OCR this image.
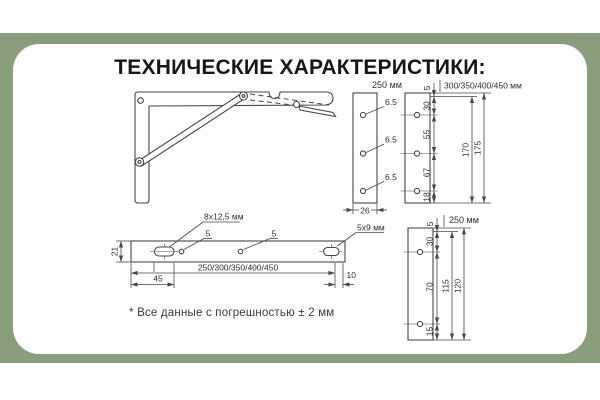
ТЕХНИЧЕСКИЕ ХАРАКТЕРИСТИКИ:
* Все данные с погрешностью ± 2 мм
250 мм
6.5
6.5
6.5
26
5 300/350/400/450 мм
30
55
67
18
170 175
5 250 мм
30
70
15
115 120
8x12,5 мм
5	5
5x9 мм
21
250/300/350/400/450
45	10
